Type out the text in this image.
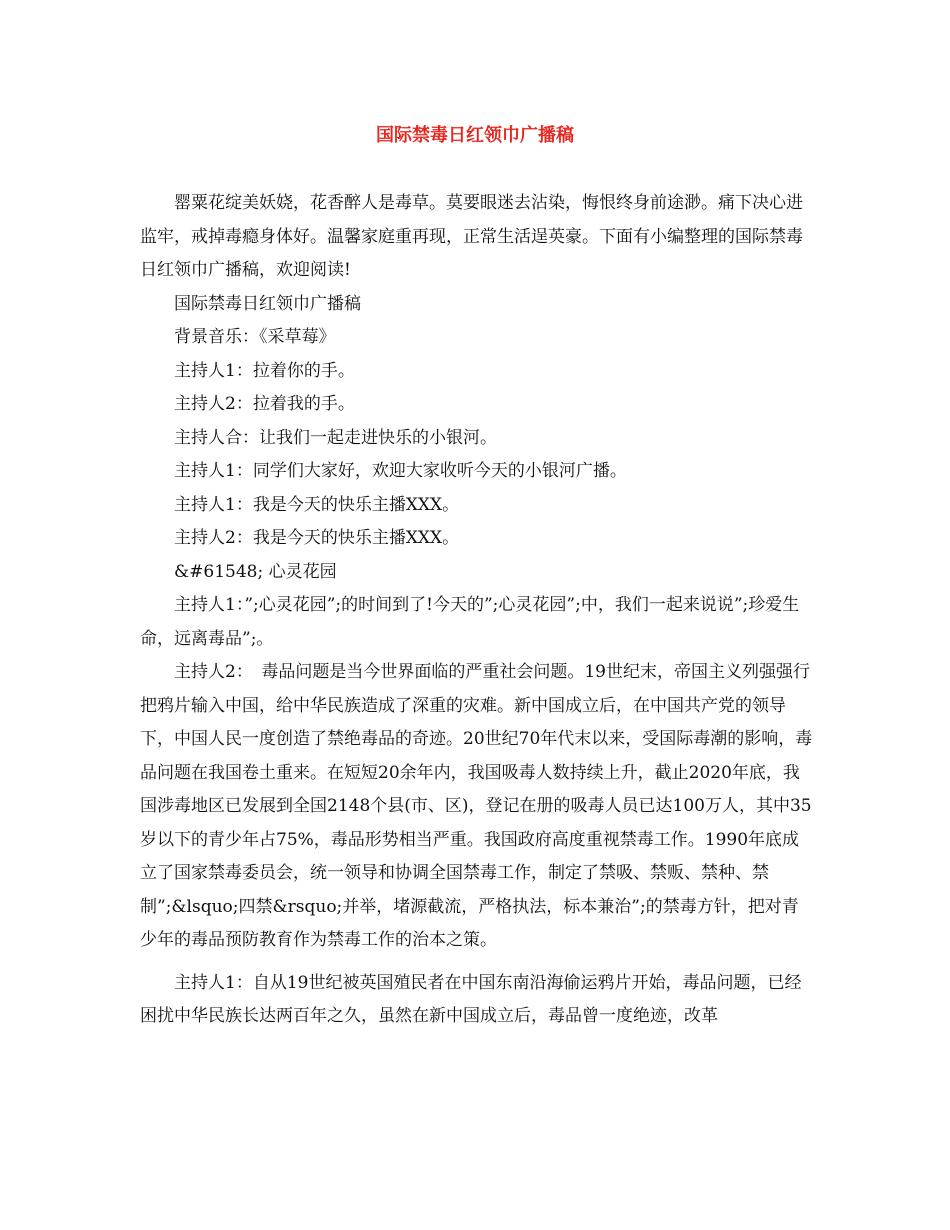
国际禁毒日红领巾广播稿

罂粟花绽美妖娆，花香醉人是毒草。莫要眼迷去沾染，悔恨终身前途渺。痛下决心进监牢，戒掉毒瘾身体好。温馨家庭重再现，正常生活逞英豪。下面有小编整理的国际禁毒日红领巾广播稿，欢迎阅读!

国际禁毒日红领巾广播稿

背景音乐：《采草莓》

主持人1：拉着你的手。

主持人2：拉着我的手。

主持人合：让我们一起走进快乐的小银河。

主持人1：同学们大家好，欢迎大家收听今天的小银河广播。

主持人1：我是今天的快乐主播XXX。

主持人2：我是今天的快乐主播XXX。

&#61548; 心灵花园

主持人1：”;心灵花园”;的时间到了!今天的”;心灵花园”;中，我们一起来说说”;珍爱生命，远离毒品”;。

主持人2：　毒品问题是当今世界面临的严重社会问题。19世纪末，帝国主义列强强行把鸦片输入中国，给中华民族造成了深重的灾难。新中国成立后，在中国共产党的领导下，中国人民一度创造了禁绝毒品的奇迹。20世纪70年代末以来，受国际毒潮的影响，毒品问题在我国卷土重来。在短短20余年内，我国吸毒人数持续上升，截止2020年底，我国涉毒地区已发展到全国2148个县(市、区)，登记在册的吸毒人员已达100万人，其中35岁以下的青少年占75%，毒品形势相当严重。我国政府高度重视禁毒工作。1990年底成立了国家禁毒委员会，统一领导和协调全国禁毒工作，制定了禁吸、禁贩、禁种、禁制”;&lsquo;四禁&rsquo;并举，堵源截流，严格执法，标本兼治”;的禁毒方针，把对青少年的毒品预防教育作为禁毒工作的治本之策。

主持人1：自从19世纪被英国殖民者在中国东南沿海偷运鸦片开始，毒品问题，已经困扰中华民族长达两百年之久，虽然在新中国成立后，毒品曾一度绝迹，改革
